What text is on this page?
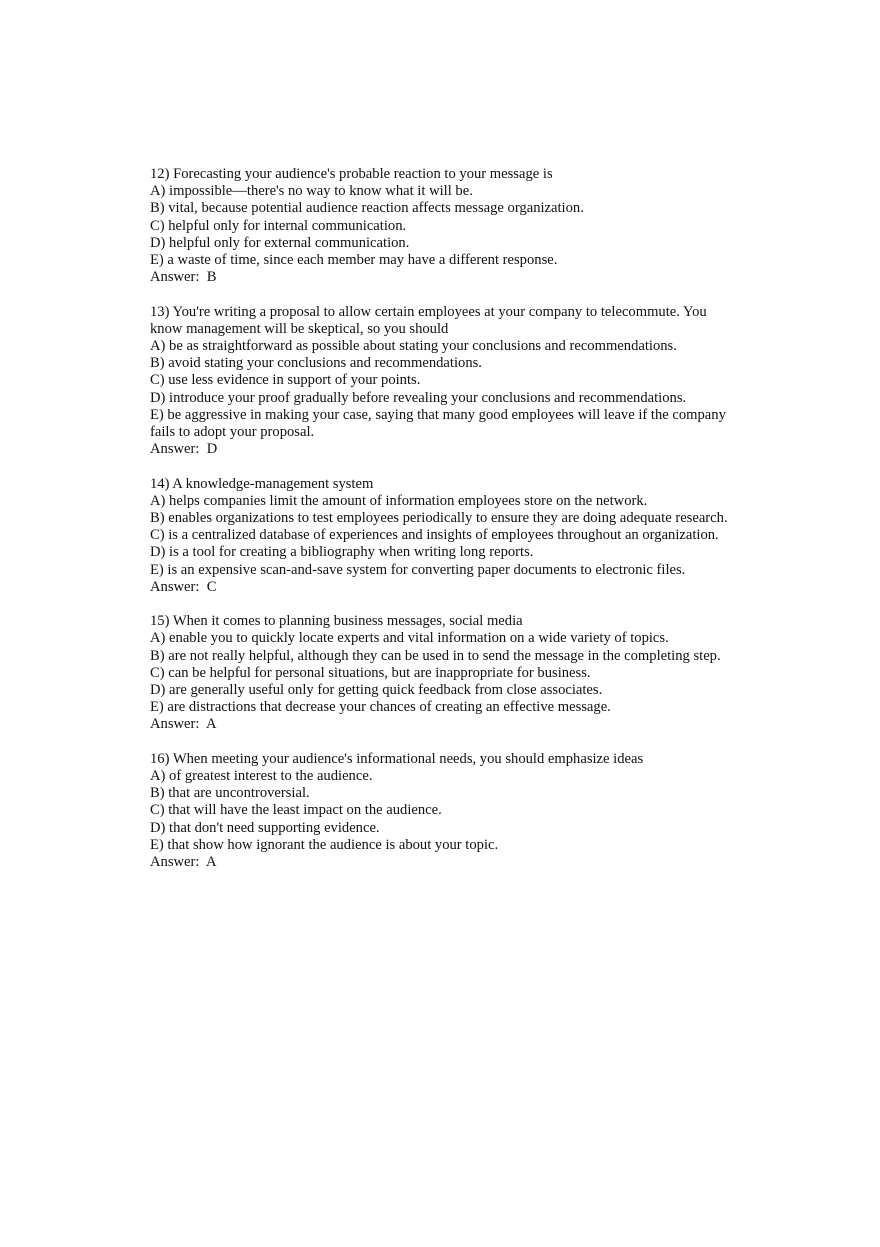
12) Forecasting your audience's probable reaction to your message is
A) impossible—there's no way to know what it will be.
B) vital, because potential audience reaction affects message organization.
C) helpful only for internal communication.
D) helpful only for external communication.
E) a waste of time, since each member may have a different response.
Answer:  B
13) You're writing a proposal to allow certain employees at your company to telecommute. You know management will be skeptical, so you should
A) be as straightforward as possible about stating your conclusions and recommendations.
B) avoid stating your conclusions and recommendations.
C) use less evidence in support of your points.
D) introduce your proof gradually before revealing your conclusions and recommendations.
E) be aggressive in making your case, saying that many good employees will leave if the company fails to adopt your proposal.
Answer:  D
14) A knowledge-management system
A) helps companies limit the amount of information employees store on the network.
B) enables organizations to test employees periodically to ensure they are doing adequate research.
C) is a centralized database of experiences and insights of employees throughout an organization.
D) is a tool for creating a bibliography when writing long reports.
E) is an expensive scan-and-save system for converting paper documents to electronic files.
Answer:  C
15) When it comes to planning business messages, social media
A) enable you to quickly locate experts and vital information on a wide variety of topics.
B) are not really helpful, although they can be used in to send the message in the completing step.
C) can be helpful for personal situations, but are inappropriate for business.
D) are generally useful only for getting quick feedback from close associates.
E) are distractions that decrease your chances of creating an effective message.
Answer:  A
16) When meeting your audience's informational needs, you should emphasize ideas
A) of greatest interest to the audience.
B) that are uncontroversial.
C) that will have the least impact on the audience.
D) that don't need supporting evidence.
E) that show how ignorant the audience is about your topic.
Answer:  A
